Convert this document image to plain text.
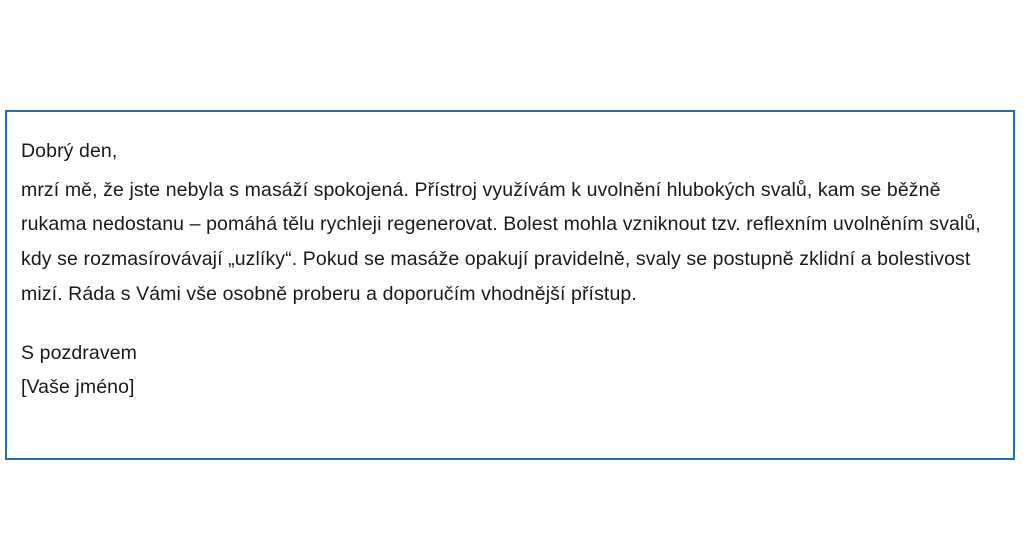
Dobrý den,

mrzí mě, že jste nebyla s masáží spokojená. Přístroj využívám k uvolnění hlubokých svalů, kam se běžně rukama nedostanu – pomáhá tělu rychleji regenerovat. Bolest mohla vzniknout tzv. reflexním uvolněním svalů, kdy se rozmasírovávají „uzlíky“. Pokud se masáže opakují pravidelně, svaly se postupně zklidní a bolestivost mizí. Ráda s Vámi vše osobně proberu a doporučím vhodnější přístup.

S pozdravem

[Vaše jméno]
